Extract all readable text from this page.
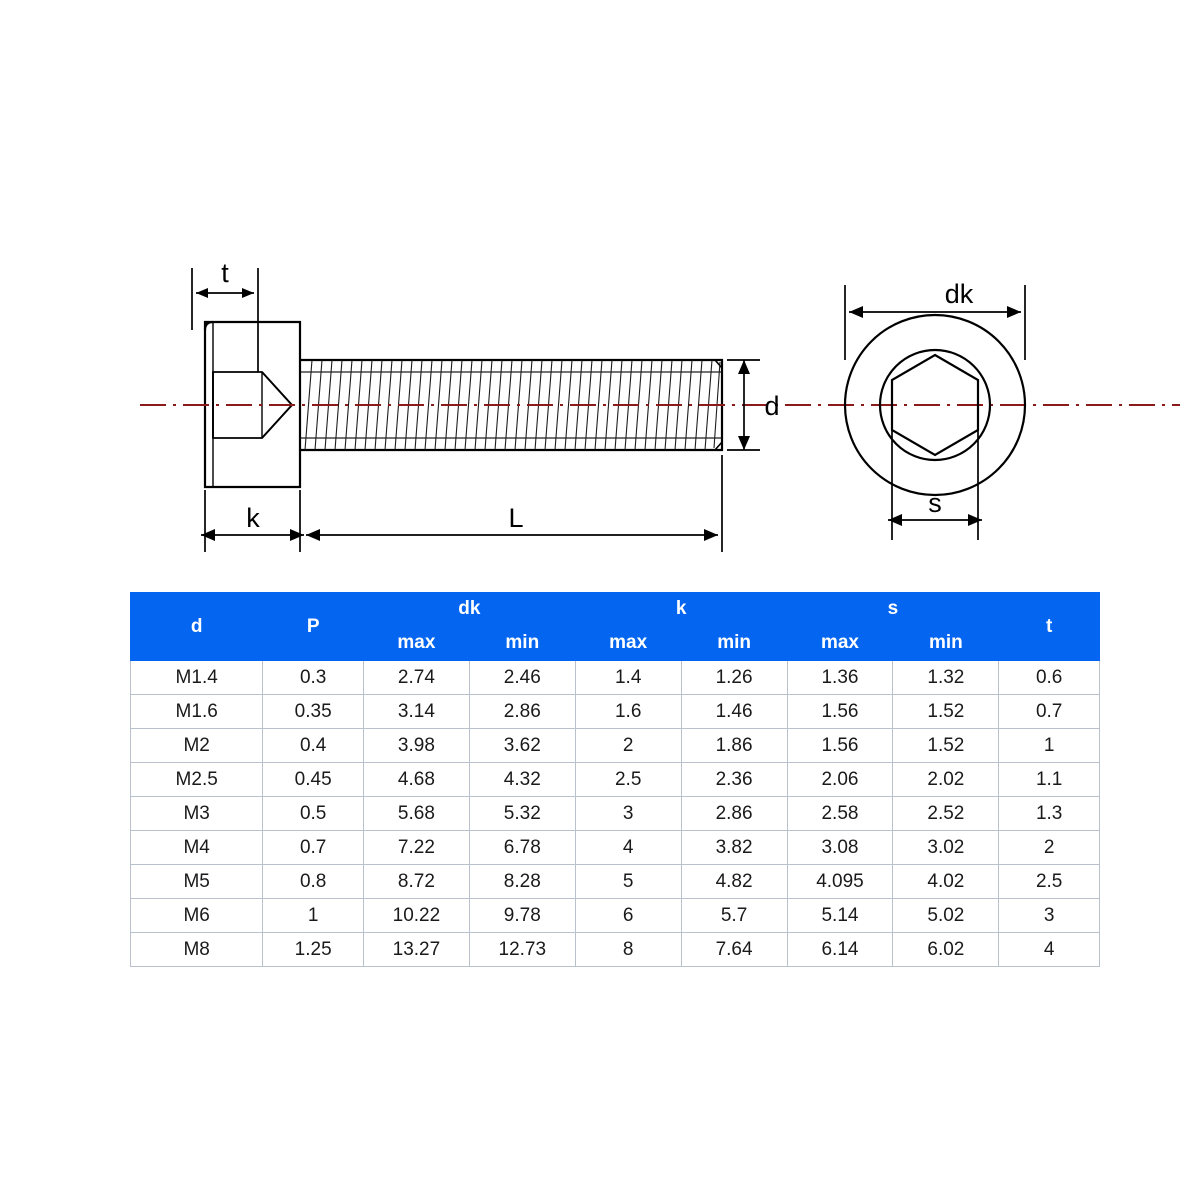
t
k	L
d
dk
s
d	P	dk		k		s		t
		max	min	max	min	max	min	
M1.4	0.3	2.74	2.46	1.4	1.26	1.36	1.32	0.6
M1.6	0.35	3.14	2.86	1.6	1.46	1.56	1.52	0.7
M2	0.4	3.98	3.62	2	1.86	1.56	1.52	1
M2.5	0.45	4.68	4.32	2.5	2.36	2.06	2.02	1.1
M3	0.5	5.68	5.32	3	2.86	2.58	2.52	1.3
M4	0.7	7.22	6.78	4	3.82	3.08	3.02	2
M5	0.8	8.72	8.28	5	4.82	4.095	4.02	2.5
M6	1	10.22	9.78	6	5.7	5.14	5.02	3
M8	1.25	13.27	12.73	8	7.64	6.14	6.02	4
